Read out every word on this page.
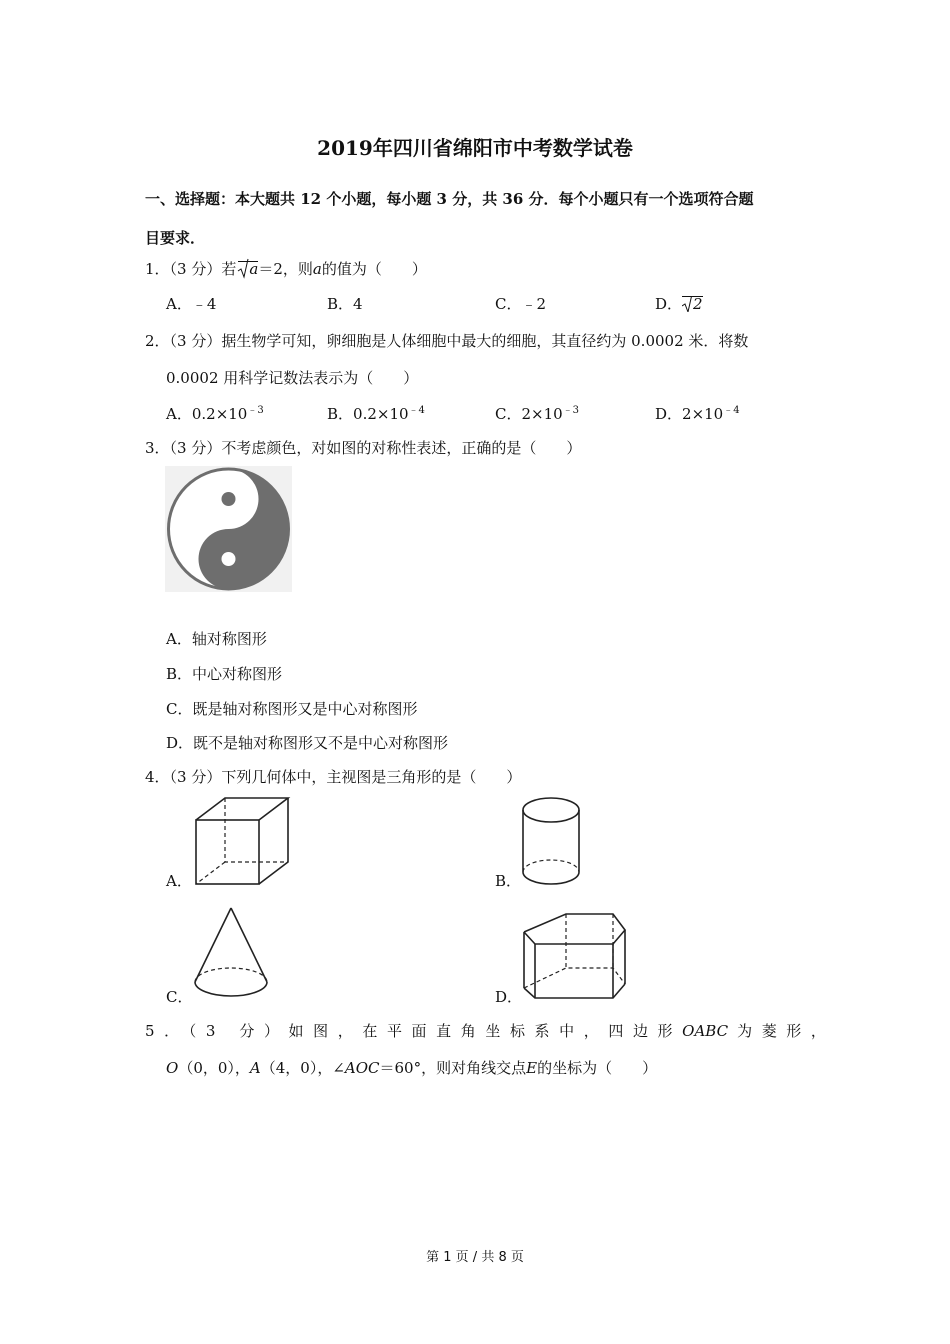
2019年四川省绵阳市中考数学试卷
一、选择题：本大题共 12 个小题，每小题 3 分，共 36 分．每个小题只有一个选项符合题
目要求．
1．（3 分）若 a＝2，则a的值为（　　）
A．﹣4	B．4	C．﹣2	D． 2
2．（3 分）据生物学可知，卵细胞是人体细胞中最大的细胞，其直径约为 0.0002 米．将数
0.0002 用科学记数法表示为（　　）
A．$0.2\times 10^{﹣3}$	B．$0.2\times 10^{﹣4}$	C．$2\times 10^{﹣3}$	D．$2\times 10^{﹣4}$
3．（3 分）不考虑颜色，对如图的对称性表述，正确的是（　　）
A．轴对称图形
B．中心对称图形
C．既是轴对称图形又是中心对称图形
D．既不是轴对称图形又不是中心对称图形
4．（3 分）下列几何体中，主视图是三角形的是（　　）
A．	B．
C．	D．
5．（3 分）如图，在平面直角坐标系中，四边形OABC 为菱形，
O（0，0），A（4，0），∠AOC＝60°，则对角线交点E的坐标为（　　）
第 1 页 / 共 8 页
